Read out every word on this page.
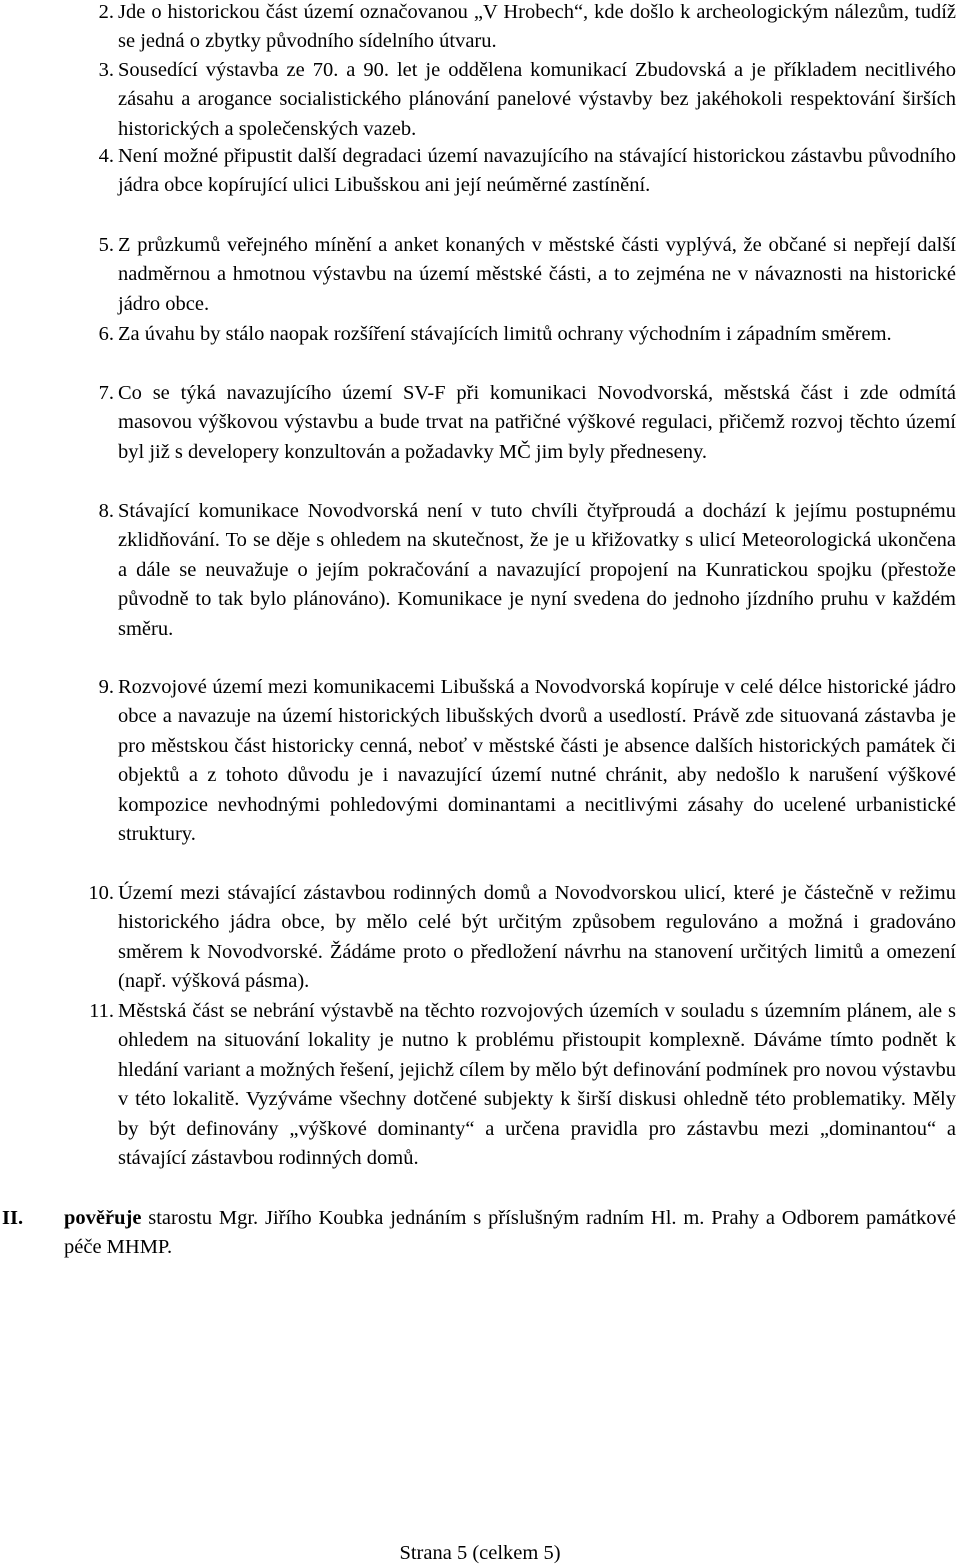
2. Jde o historickou část území označovanou „V Hrobech“, kde došlo k archeologickým nálezům, tudíž se jedná o zbytky původního sídelního útvaru.
3. Sousedící výstavba ze 70. a 90. let je oddělena komunikací Zbudovská a je příkladem necitlivého zásahu a arogance socialistického plánování panelové výstavby bez jakéhokoli respektování širších historických a společenských vazeb.
4. Není možné připustit další degradaci území navazujícího na stávající historickou zástavbu původního jádra obce kopírující ulici Libušskou ani její neúměrné zastínění.
5. Z průzkumů veřejného mínění a anket konaných v městské části vyplývá, že občané si nepřejí další nadměrnou a hmotnou výstavbu na území městské části, a to zejména ne v návaznosti na historické jádro obce.
6. Za úvahu by stálo naopak rozšíření stávajících limitů ochrany východním i západním směrem.
7. Co se týká navazujícího území SV-F při komunikaci Novodvorská, městská část i zde odmítá masovou výškovou výstavbu a bude trvat na patřičné výškové regulaci, přičemž rozvoj těchto území byl již s developery konzultován a požadavky MČ jim byly předneseny.
8. Stávající komunikace Novodvorská není v tuto chvíli čtyřproudá a dochází k jejímu postupnému zklidňování. To se děje s ohledem na skutečnost, že je u křižovatky s ulicí Meteorologická ukončena a dále se neuvažuje o jejím pokračování a navazující propojení na Kunratickou spojku (přestože původně to tak bylo plánováno). Komunikace je nyní svedena do jednoho jízdního pruhu v každém směru.
9. Rozvojové území mezi komunikacemi Libušská a Novodvorská kopíruje v celé délce historické jádro obce a navazuje na území historických libušských dvorů a usedlostí. Právě zde situovaná zástavba je pro městskou část historicky cenná, neboť v městské části je absence dalších historických památek či objektů a z tohoto důvodu je i navazující území nutné chránit, aby nedošlo k narušení výškové kompozice nevhodnými pohledovými dominantami a necitlivými zásahy do ucelené urbanistické struktury.
10. Území mezi stávající zástavbou rodinných domů a Novodvorskou ulicí, které je částečně v režimu historického jádra obce, by mělo celé být určitým způsobem regulováno a možná i gradováno směrem k Novodvorské. Žádáme proto o předložení návrhu na stanovení určitých limitů a omezení (např. výšková pásma).
11. Městská část se nebrání výstavbě na těchto rozvojových územích v souladu s územním plánem, ale s ohledem na situování lokality je nutno k problému přistoupit komplexně. Dáváme tímto podnět k hledání variant a možných řešení, jejichž cílem by mělo být definování podmínek pro novou výstavbu v této lokalitě. Vyzýváme všechny dotčené subjekty k širší diskusi ohledně této problematiky. Měly by být definovány „výškové dominanty“ a určena pravidla pro zástavbu mezi „dominantou“ a stávající zástavbou rodinných domů.
II. pověřuje starostu Mgr. Jiřího Koubka jednáním s příslušným radním Hl. m. Prahy a Odborem památkové péče MHMP.
Strana 5 (celkem 5)
